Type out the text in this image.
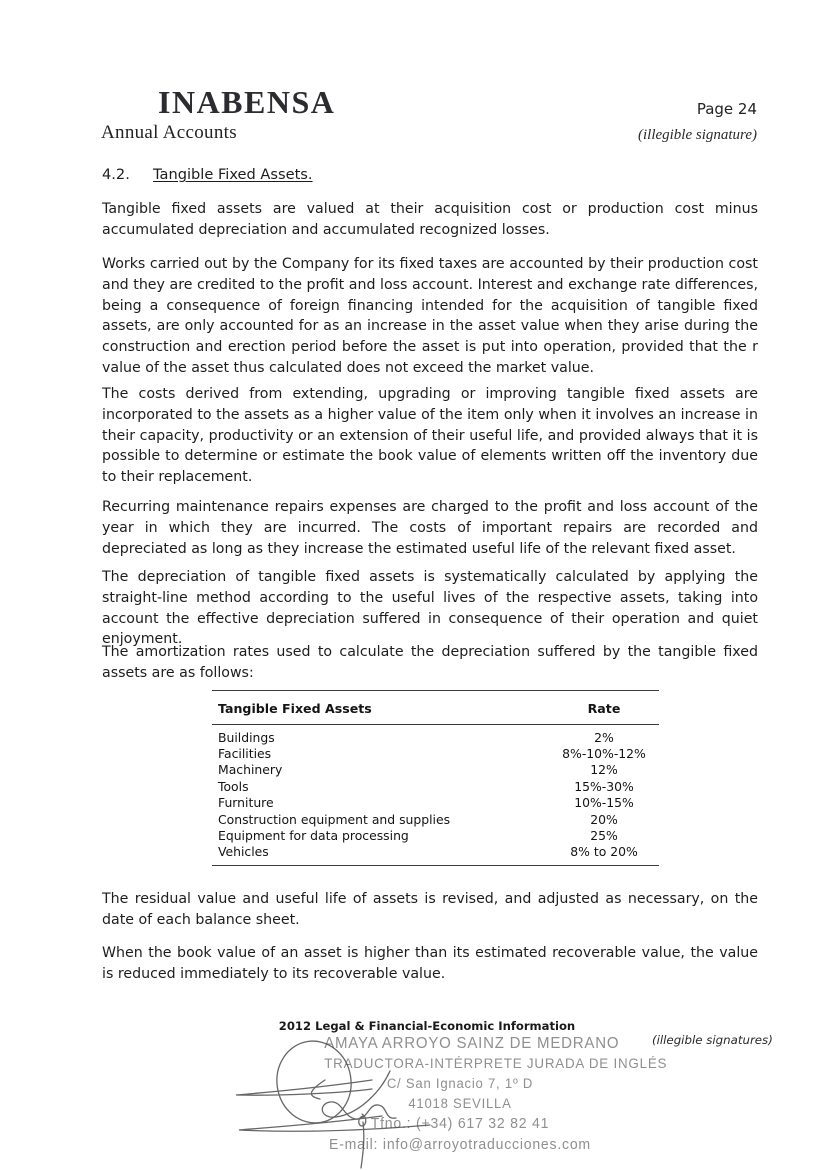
INABENSA	Page 24
Annual Accounts	(illegible signature)
4.2. Tangible Fixed Assets.
Tangible fixed assets are valued at their acquisition cost or production cost minus accumulated depreciation and accumulated recognized losses.
Works carried out by the Company for its fixed taxes are accounted by their production cost and they are credited to the profit and loss account. Interest and exchange rate differences, being a consequence of foreign financing intended for the acquisition of tangible fixed assets, are only accounted for as an increase in the asset value when they arise during the construction and erection period before the asset is put into operation, provided that the r value of the asset thus calculated does not exceed the market value.
The costs derived from extending, upgrading or improving tangible fixed assets are incorporated to the assets as a higher value of the item only when it involves an increase in their capacity, productivity or an extension of their useful life, and provided always that it is possible to determine or estimate the book value of elements written off the inventory due to their replacement.
Recurring maintenance repairs expenses are charged to the profit and loss account of the year in which they are incurred. The costs of important repairs are recorded and depreciated as long as they increase the estimated useful life of the relevant fixed asset.
The depreciation of tangible fixed assets is systematically calculated by applying the straight-line method according to the useful lives of the respective assets, taking into account the effective depreciation suffered in consequence of their operation and quiet enjoyment.
The amortization rates used to calculate the depreciation suffered by the tangible fixed assets are as follows:
Tangible Fixed Assets	Rate
Buildings	2%
Facilities	8%-10%-12%
Machinery	12%
Tools	15%-30%
Furniture	10%-15%
Construction equipment and supplies	20%
Equipment for data processing	25%
Vehicles	8% to 20%
The residual value and useful life of assets is revised, and adjusted as necessary, on the date of each balance sheet.
When the book value of an asset is higher than its estimated recoverable value, the value is reduced immediately to its recoverable value.
2012 Legal & Financial-Economic Information
(illegible signatures)
AMAYA ARROYO SAINZ DE MEDRANO
TRADUCTORA-INTÉRPRETE JURADA DE INGLÉS
C/ San Ignacio 7, 1º D
41018 SEVILLA
Tfno.: (+34) 617 32 82 41
E-mail: info@arroyotraducciones.com
